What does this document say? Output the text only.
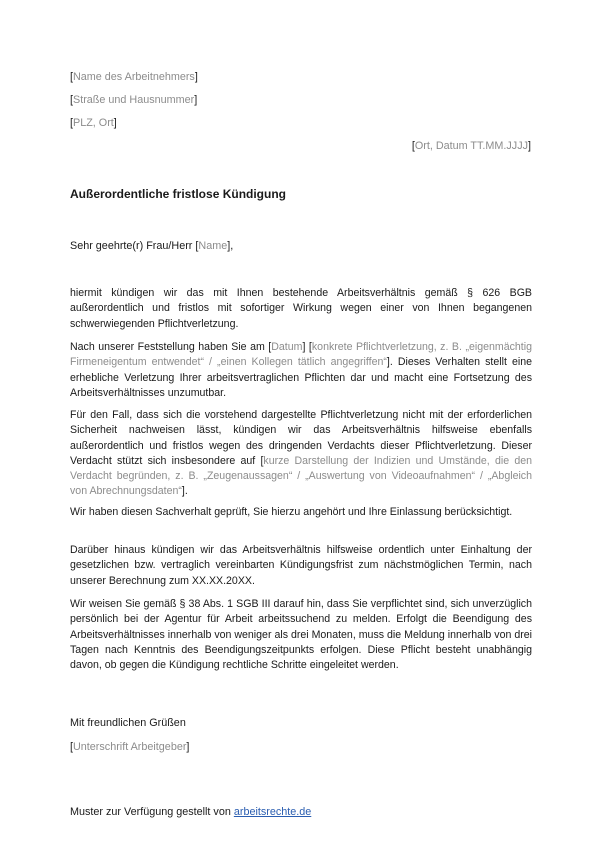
[Name des Arbeitnehmers]
[Straße und Hausnummer]
[PLZ, Ort]
[Ort, Datum TT.MM.JJJJ]
Außerordentliche fristlose Kündigung
Sehr geehrte(r) Frau/Herr [Name],

hiermit kündigen wir das mit Ihnen bestehende Arbeitsverhältnis gemäß § 626 BGB außerordentlich und fristlos mit sofortiger Wirkung wegen einer von Ihnen begangenen schwerwiegenden Pflichtverletzung.

Nach unserer Feststellung haben Sie am [Datum] [konkrete Pflichtverletzung, z. B. „eigenmächtig Firmeneigentum entwendet“ / „einen Kollegen tätlich angegriffen“]. Dieses Verhalten stellt eine erhebliche Verletzung Ihrer arbeitsvertraglichen Pflichten dar und macht eine Fortsetzung des Arbeitsverhältnisses unzumutbar.

Für den Fall, dass sich die vorstehend dargestellte Pflichtverletzung nicht mit der erforderlichen Sicherheit nachweisen lässt, kündigen wir das Arbeitsverhältnis hilfsweise ebenfalls außerordentlich und fristlos wegen des dringenden Verdachts dieser Pflichtverletzung. Dieser Verdacht stützt sich insbesondere auf [kurze Darstellung der Indizien und Umstände, die den Verdacht begründen, z. B. „Zeugenaussagen“ / „Auswertung von Videoaufnahmen“ / „Abgleich von Abrechnungsdaten“].

Wir haben diesen Sachverhalt geprüft, Sie hierzu angehört und Ihre Einlassung berücksichtigt.

Darüber hinaus kündigen wir das Arbeitsverhältnis hilfsweise ordentlich unter Einhaltung der gesetzlichen bzw. vertraglich vereinbarten Kündigungsfrist zum nächstmöglichen Termin, nach unserer Berechnung zum XX.XX.20XX.

Wir weisen Sie gemäß § 38 Abs. 1 SGB III darauf hin, dass Sie verpflichtet sind, sich unverzüglich persönlich bei der Agentur für Arbeit arbeitssuchend zu melden. Erfolgt die Beendigung des Arbeitsverhältnisses innerhalb von weniger als drei Monaten, muss die Meldung innerhalb von drei Tagen nach Kenntnis des Beendigungszeitpunkts erfolgen. Diese Pflicht besteht unabhängig davon, ob gegen die Kündigung rechtliche Schritte eingeleitet werden.

Mit freundlichen Grüßen
[Unterschrift Arbeitgeber]
Muster zur Verfügung gestellt von arbeitsrechte.de
